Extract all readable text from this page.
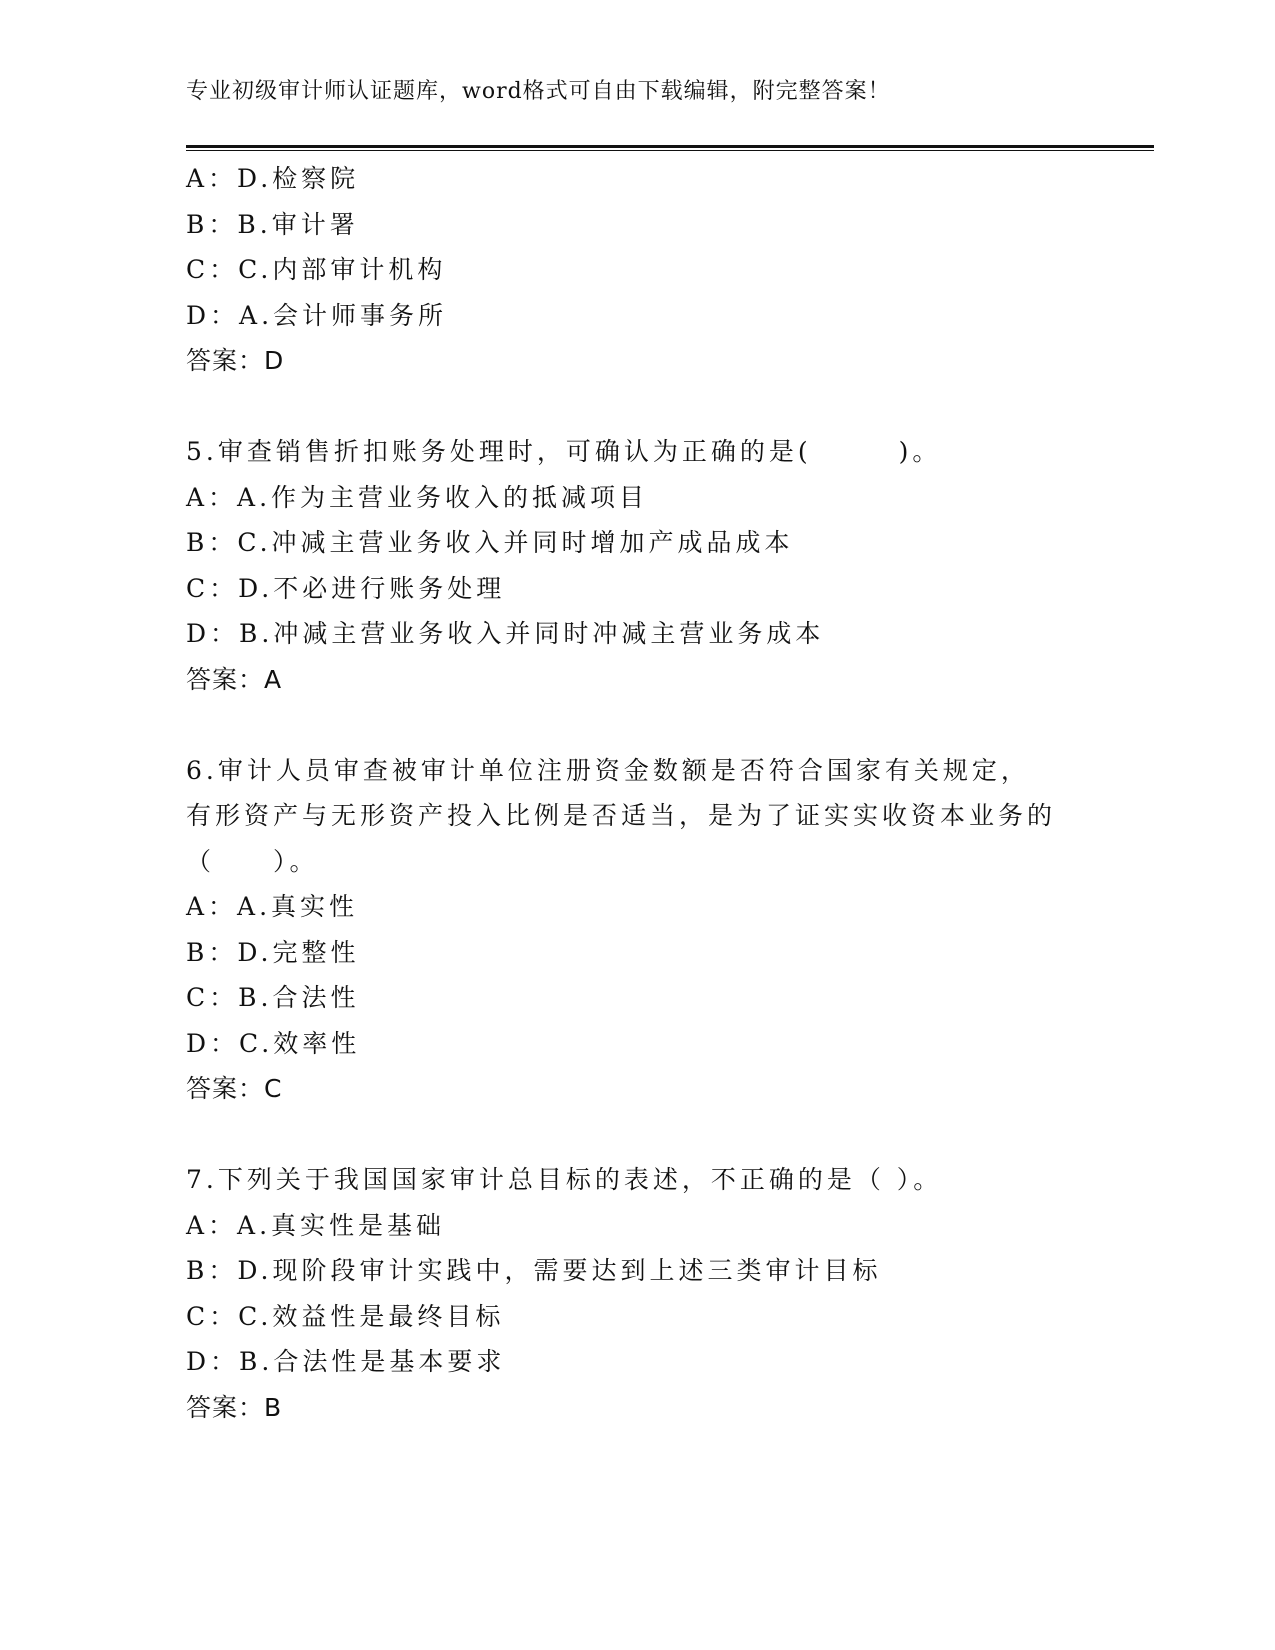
专业初级审计师认证题库，word格式可自由下载编辑，附完整答案！
A：D.检察院
B：B.审计署
C：C.内部审计机构
D：A.会计师事务所
答案：D
5.审查销售折扣账务处理时，可确认为正确的是(　　　)。
A：A.作为主营业务收入的抵减项目
B：C.冲减主营业务收入并同时增加产成品成本
C：D.不必进行账务处理
D：B.冲减主营业务收入并同时冲减主营业务成本
答案：A
6.审计人员审查被审计单位注册资金数额是否符合国家有关规定，有形资产与无形资产投入比例是否适当，是为了证实实收资本业务的（　　）。
A：A.真实性
B：D.完整性
C：B.合法性
D：C.效率性
答案：C
7.下列关于我国国家审计总目标的表述，不正确的是（ ）。
A：A.真实性是基础
B：D.现阶段审计实践中，需要达到上述三类审计目标
C：C.效益性是最终目标
D：B.合法性是基本要求
答案：B
